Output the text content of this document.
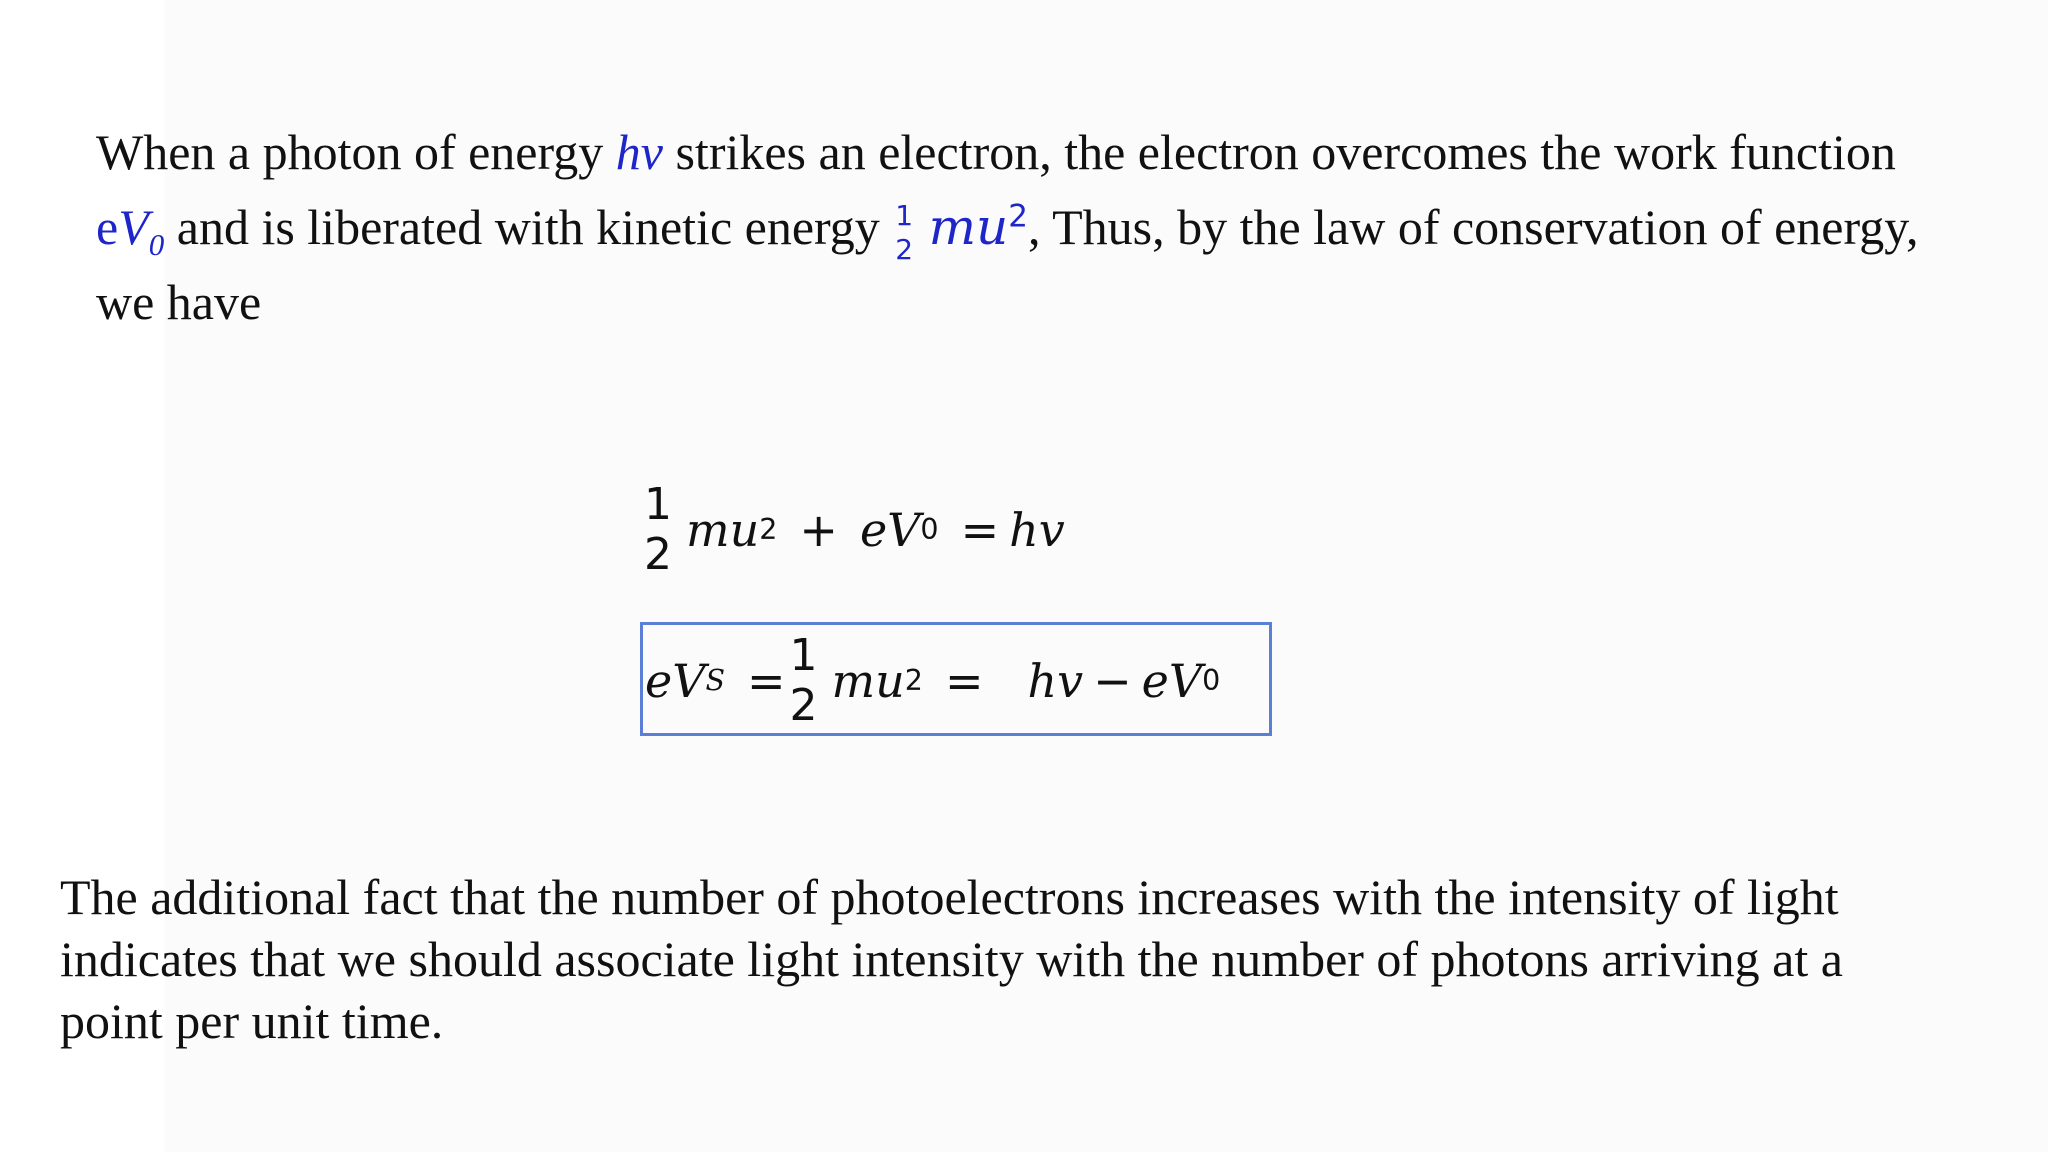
When a photon of energy hv strikes an electron, the electron overcomes the work function
$eV_0$ and is liberated with kinetic energy 1
2 $mu^2$, Thus, by the law of conservation of energy,
we have
1
2 mu 2 + eV 0 = hv
eV S = 1
2 mu 2 = hv − eV 0
The additional fact that the number of photoelectrons increases with the intensity of light
indicates that we should associate light intensity with the number of photons arriving at a
point per unit time.
